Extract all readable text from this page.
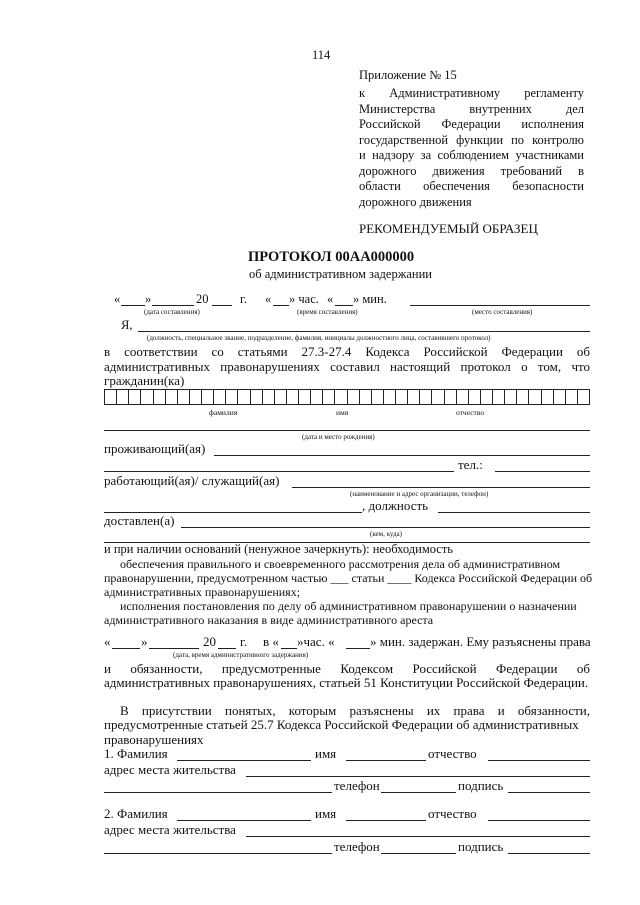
114
Приложение № 15
к Административному регламенту
Министерства внутренних дел
Российской Федерации исполнения
государственной функции по контролю
и надзору за соблюдением участниками
дорожного движения требований в
области обеспечения безопасности
дорожного движения
РЕКОМЕНДУЕМЫЙ ОБРАЗЕЦ
ПРОТОКОЛ 00АА000000
об административном задержании
« »	20	г. « » час. « » мин.
(дата составления)	(время составления)	(место составления)
Я,
(должность, специальное звание, подразделение, фамилия, инициалы должностного лица, составившего протокол)
в соответствии со статьями 27.3-27.4 Кодекса Российской Федерации об
административных правонарушениях составил настоящий протокол о том, что
гражданин(ка)
фамилия	имя	отчество
(дата и место рождения)
проживающий(ая)
тел.:
работающий(ая)/ служащий(ая)
(наименование и адрес организации, телефон)
, должность
доставлен(а)
(кем, куда)
и при наличии оснований (ненужное зачеркнуть): необходимость
обеспечения правильного и своевременного рассмотрения дела об административном
правонарушении, предусмотренном частью ___ статьи ____ Кодекса Российской Федерации об
административных правонарушениях;
исполнения постановления по делу об административном правонарушении о назначении
административного наказания в виде административного ареста
« »	20 г. в « »час. «	» мин. задержан. Ему разъяснены права
(дата, время административного задержания)
и обязанности, предусмотренные Кодексом Российской Федерации об
административных правонарушениях, статьей 51 Конституции Российской Федерации.
В присутствии понятых, которым разъяснены их права и обязанности,
предусмотренные статьей 25.7 Кодекса Российской Федерации об административных
правонарушениях
1. Фамилия	имя	отчество
адрес места жительства
телефон	подпись
2. Фамилия	имя	отчество
адрес места жительства
телефон	подпись
